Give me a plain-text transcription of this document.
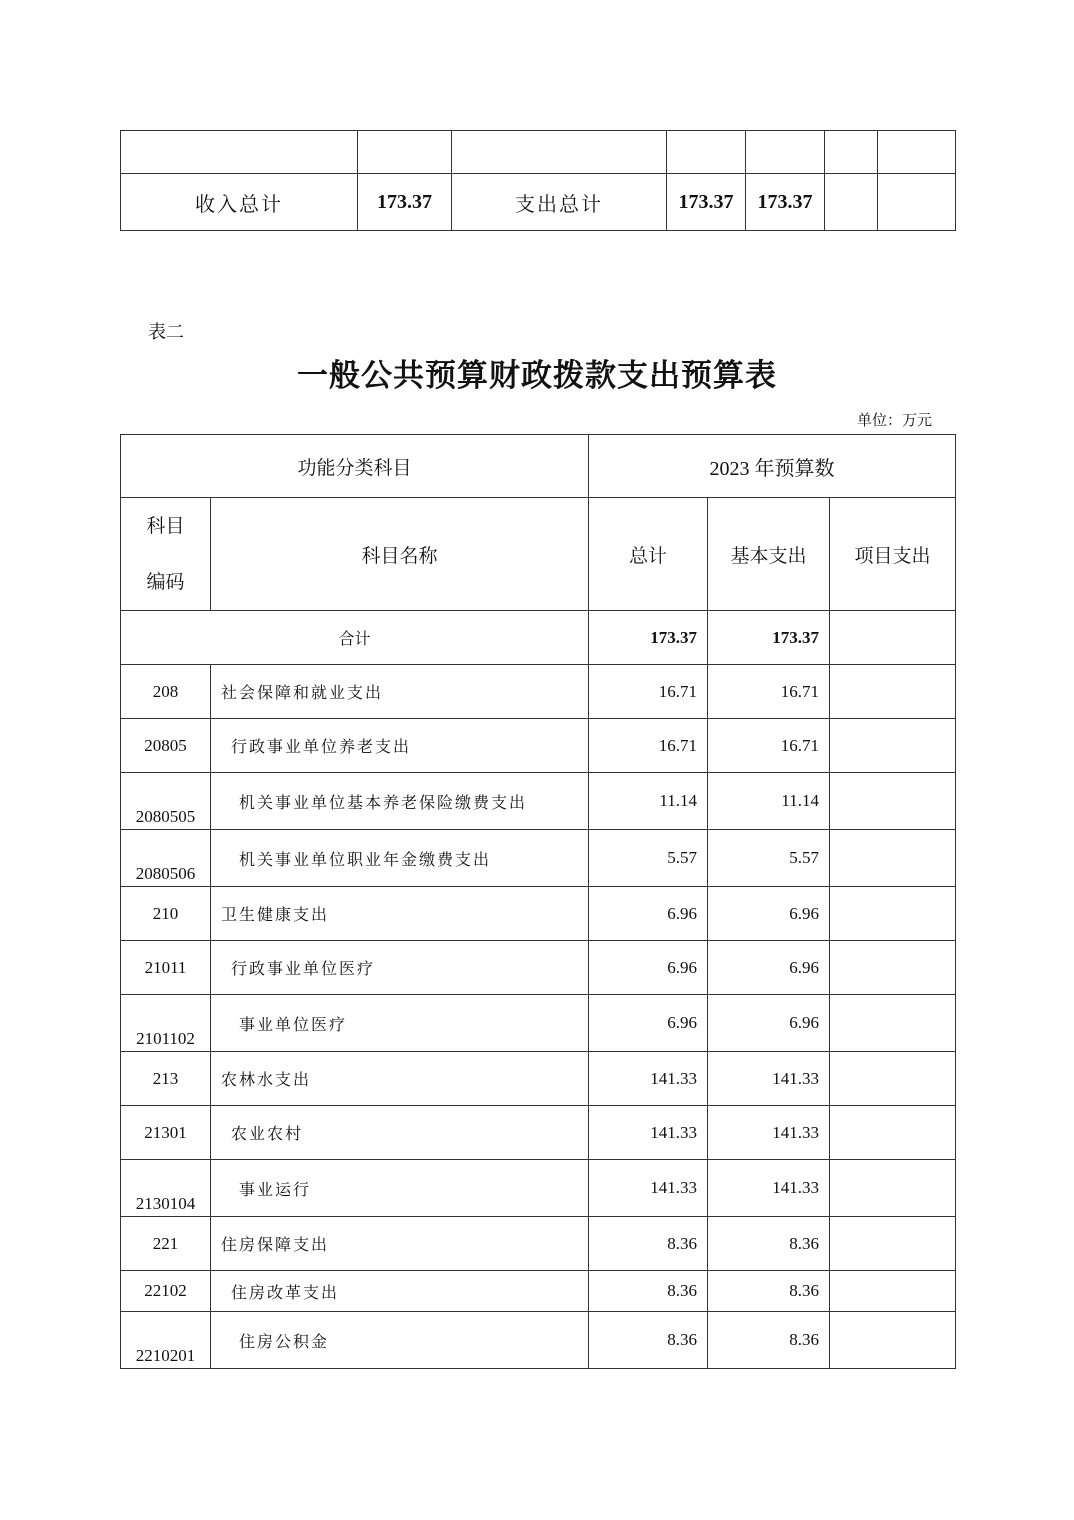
收入总计	173.37	支出总计	173.37	173.37		
表二
一般公共预算财政拨款支出预算表
单位：万元
功能分类科目		2023 年预算数		

科目
编码	科目名称	总计	基本支出	项目支出
合计		173.37	173.37	
208	社会保障和就业支出	16.71	16.71	
20805	行政事业单位养老支出	16.71	16.71	
2080505	机关事业单位基本养老保险缴费支出	11.14	11.14	
2080506	机关事业单位职业年金缴费支出	5.57	5.57	
210	卫生健康支出	6.96	6.96	
21011	行政事业单位医疗	6.96	6.96	
2101102	事业单位医疗	6.96	6.96	
213	农林水支出	141.33	141.33	
21301	农业农村	141.33	141.33	
2130104	事业运行	141.33	141.33	
221	住房保障支出	8.36	8.36	
22102	住房改革支出	8.36	8.36	
2210201	住房公积金	8.36	8.36	
